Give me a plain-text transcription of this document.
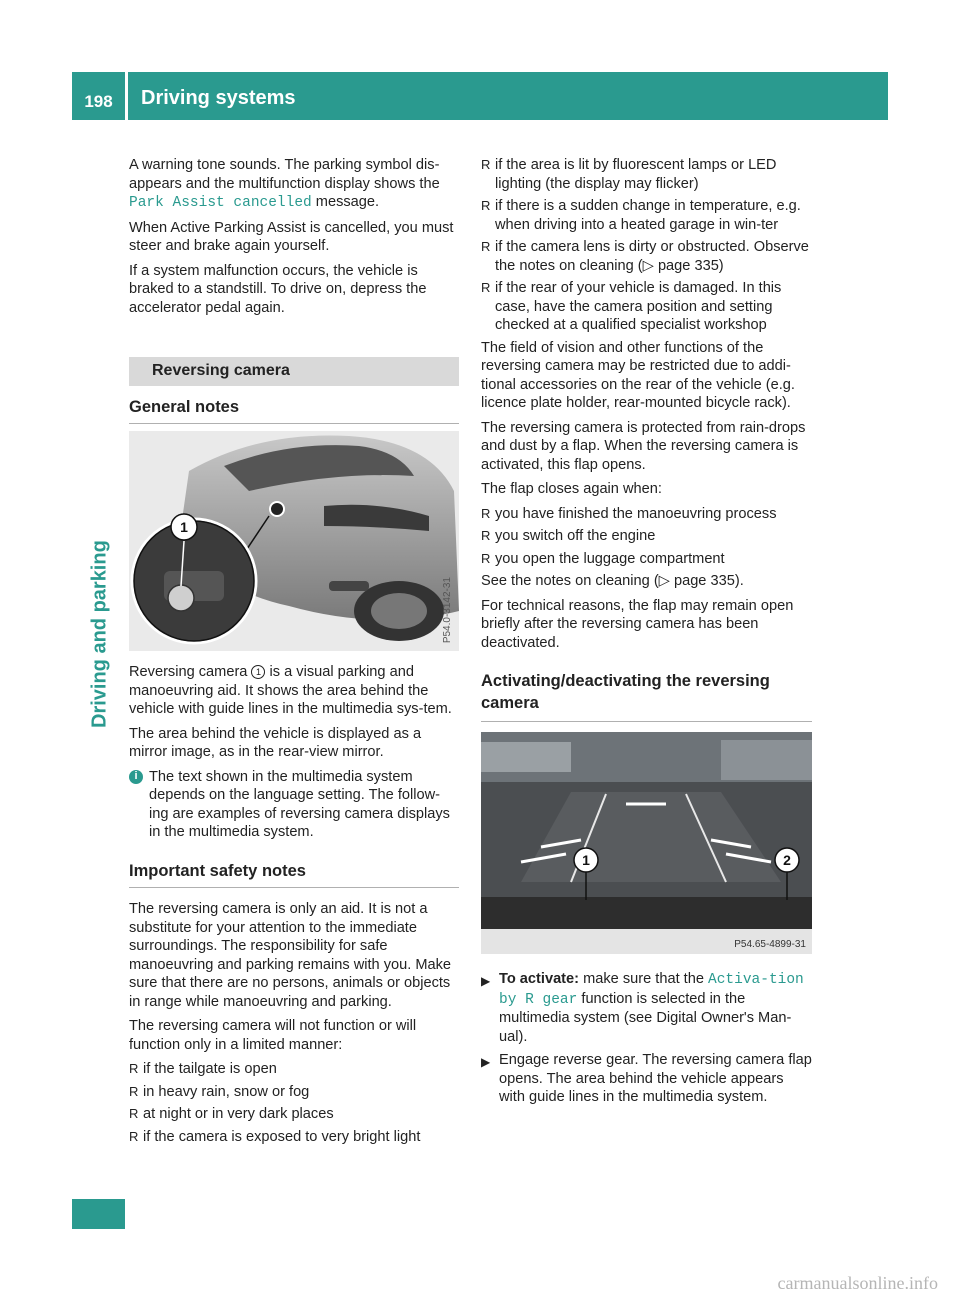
198	Driving systems
Driving and parking

A warning tone sounds. The parking symbol dis-appears and the multifunction display shows the Park Assist cancelled message.

When Active Parking Assist is cancelled, you must steer and brake again yourself.

If a system malfunction occurs, the vehicle is braked to a standstill. To drive on, depress the accelerator pedal again.

Reversing camera
General notes
1
P54.0-3142-31

Reversing camera 1 is a visual parking and manoeuvring aid. It shows the area behind the vehicle with guide lines in the multimedia sys-tem.

The area behind the vehicle is displayed as a mirror image, as in the rear-view mirror.

i The text shown in the multimedia system depends on the language setting. The follow-ing are examples of reversing camera displays in the multimedia system.
Important safety notes

The reversing camera is only an aid. It is not a substitute for your attention to the immediate surroundings. The responsibility for safe manoeuvring and parking remains with you. Make sure that there are no persons, animals or objects in range while manoeuvring and parking.

The reversing camera will not function or will function only in a limited manner:

R if the tailgate is open
R in heavy rain, snow or fog
R at night or in very dark places
R if the camera is exposed to very bright light
R if the area is lit by fluorescent lamps or LED lighting (the display may flicker)
R if there is a sudden change in temperature, e.g. when driving into a heated garage in win-ter
R if the camera lens is dirty or obstructed. Observe the notes on cleaning (▷ page 335)
R if the rear of your vehicle is damaged. In this case, have the camera position and setting checked at a qualified specialist workshop

The field of vision and other functions of the reversing camera may be restricted due to addi-tional accessories on the rear of the vehicle (e.g. licence plate holder, rear-mounted bicycle rack).

The reversing camera is protected from rain-drops and dust by a flap. When the reversing camera is activated, this flap opens.

The flap closes again when:

R you have finished the manoeuvring process
R you switch off the engine
R you open the luggage compartment

See the notes on cleaning (▷ page 335).

For technical reasons, the flap may remain open briefly after the reversing camera has been deactivated.

Activating/deactivating the reversing camera
1	2
P54.65-4899-31
▶ To activate: make sure that the Activa-tion by R gear function is selected in the multimedia system (see Digital Owner's Man-ual).
▶ Engage reverse gear. The reversing camera flap opens. The area behind the vehicle appears with guide lines in the multimedia system.
carmanualsonline.info
